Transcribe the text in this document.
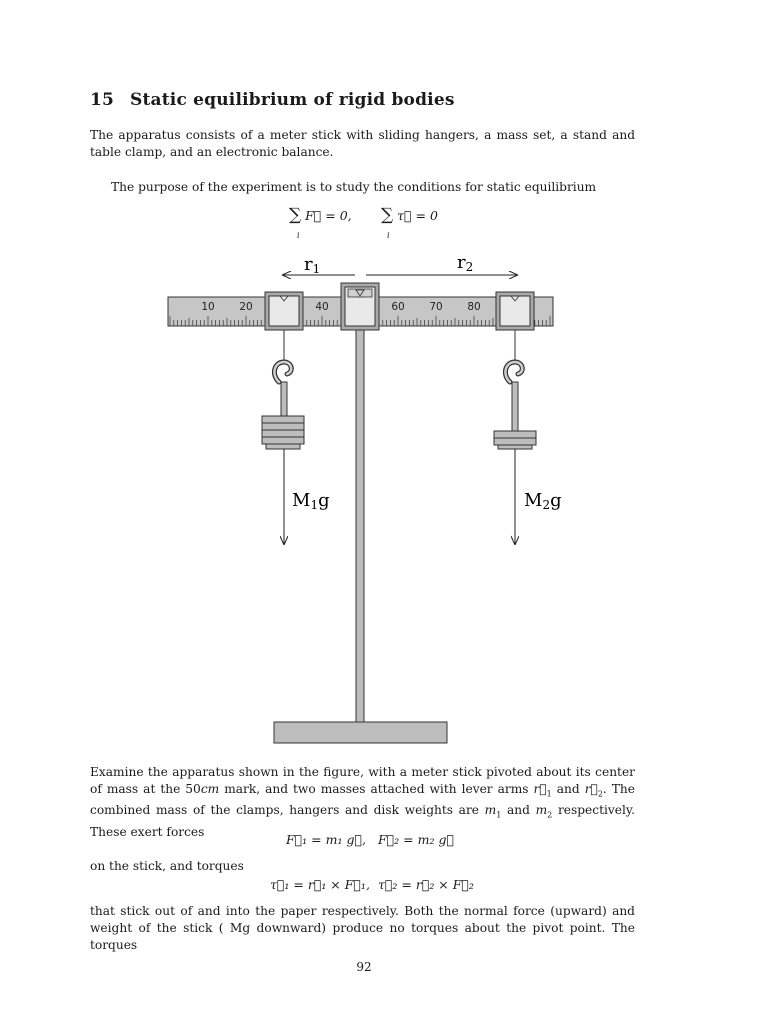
15 Static equilibrium of rigid bodies
The apparatus consists of a meter stick with sliding hangers, a mass set, a stand and table clamp, and an electronic balance.
The purpose of the experiment is to study the conditions for static equilibrium
∑ F⃗ = 0,
i
∑ τ⃗ = 0
i
r1	r2
10 20	40	60 70 80
M1g	M2g
Examine the apparatus shown in the figure, with a meter stick pivoted about its center of mass at the 50cm mark, and two masses attached with lever arms $r⃗_1$ and $r⃗_2$. The combined mass of the clamps, hangers and disk weights are $m_1$ and $m_2$ respectively. These exert forces
F⃗₁ = m₁ g⃗, F⃗₂ = m₂ g⃗
on the stick, and torques
τ⃗₁ = r⃗₁ × F⃗₁, τ⃗₂ = r⃗₂ × F⃗₂
that stick out of and into the paper respectively. Both the normal force (upward) and weight of the stick ( Mg downward) produce no torques about the pivot point. The torques
92
